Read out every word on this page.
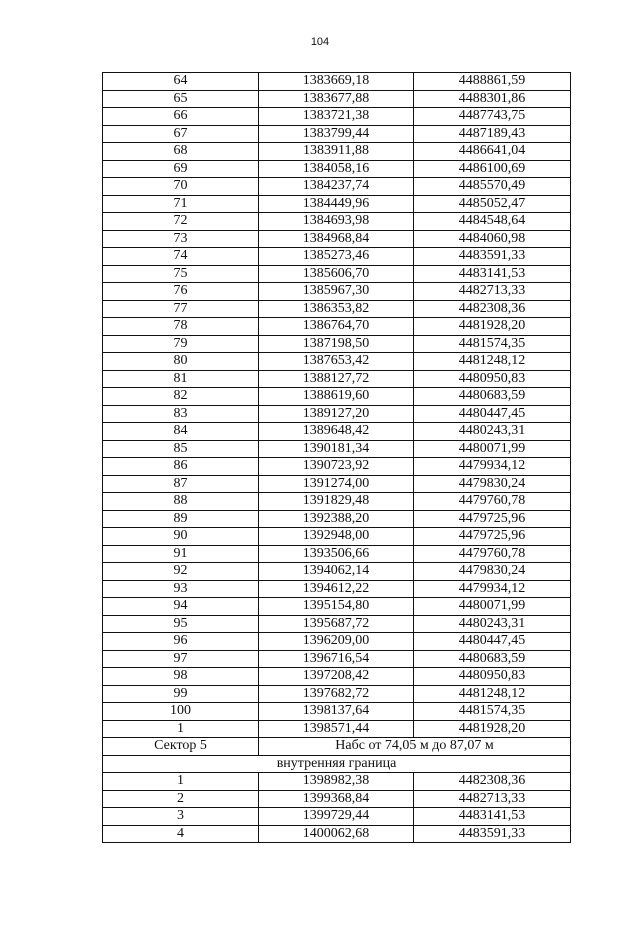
104
64	1383669,18	4488861,59
65	1383677,88	4488301,86
66	1383721,38	4487743,75
67	1383799,44	4487189,43
68	1383911,88	4486641,04
69	1384058,16	4486100,69
70	1384237,74	4485570,49
71	1384449,96	4485052,47
72	1384693,98	4484548,64
73	1384968,84	4484060,98
74	1385273,46	4483591,33
75	1385606,70	4483141,53
76	1385967,30	4482713,33
77	1386353,82	4482308,36
78	1386764,70	4481928,20
79	1387198,50	4481574,35
80	1387653,42	4481248,12
81	1388127,72	4480950,83
82	1388619,60	4480683,59
83	1389127,20	4480447,45
84	1389648,42	4480243,31
85	1390181,34	4480071,99
86	1390723,92	4479934,12
87	1391274,00	4479830,24
88	1391829,48	4479760,78
89	1392388,20	4479725,96
90	1392948,00	4479725,96
91	1393506,66	4479760,78
92	1394062,14	4479830,24
93	1394612,22	4479934,12
94	1395154,80	4480071,99
95	1395687,72	4480243,31
96	1396209,00	4480447,45
97	1396716,54	4480683,59
98	1397208,42	4480950,83
99	1397682,72	4481248,12
100	1398137,64	4481574,35
1	1398571,44	4481928,20
Сектор 5	Набс от 74,05 м до 87,07 м	
внутренняя граница		
1	1398982,38	4482308,36
2	1399368,84	4482713,33
3	1399729,44	4483141,53
4	1400062,68	4483591,33
